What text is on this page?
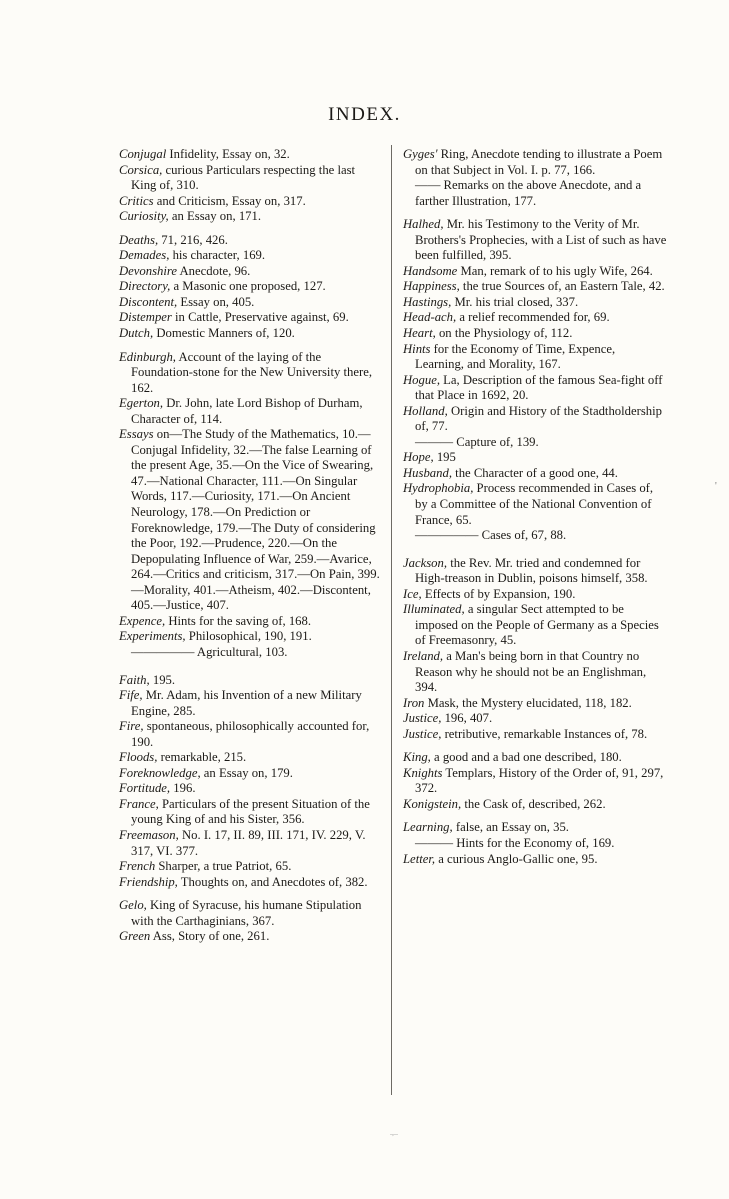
INDEX.
Conjugal Infidelity, Essay on, 32.
Corsica, curious Particulars respecting the last King of, 310.
Critics and Criticism, Essay on, 317.
Curiosity, an Essay on, 171.
Deaths, 71, 216, 426.
Demades, his character, 169.
Devonshire Anecdote, 96.
Directory, a Masonic one proposed, 127.
Discontent, Essay on, 405.
Distemper in Cattle, Preservative against, 69.
Dutch, Domestic Manners of, 120.
Edinburgh, Account of the laying of the Foundation-stone for the New University there, 162.
Egerton, Dr. John, late Lord Bishop of Durham, Character of, 114.
Essays on—The Study of the Mathematics, 10.—Conjugal Infidelity, 32.—The false Learning of the present Age, 35.—On the Vice of Swearing, 47.—National Character, 111.—On Singular Words, 117.—Curiosity, 171.—On Ancient Neurology, 178.—On Prediction or Foreknowledge, 179.—The Duty of considering the Poor, 192.—Prudence, 220.—On the Depopulating Influence of War, 259.—Avarice, 264.—Critics and criticism, 317.—On Pain, 399.—Morality, 401.—Atheism, 402.—Discontent, 405.—Justice, 407.
Expence, Hints for the saving of, 168.
Experiments, Philosophical, 190, 191.
————— Agricultural, 103.
Faith, 195.
Fife, Mr. Adam, his Invention of a new Military Engine, 285.
Fire, spontaneous, philosophically accounted for, 190.
Floods, remarkable, 215.
Foreknowledge, an Essay on, 179.
Fortitude, 196.
France, Particulars of the present Situation of the young King of and his Sister, 356.
Freemason, No. I. 17, II. 89, III. 171, IV. 229, V. 317, VI. 377.
French Sharper, a true Patriot, 65.
Friendship, Thoughts on, and Anecdotes of, 382.
Gelo, King of Syracuse, his humane Stipulation with the Carthaginians, 367.
Green Ass, Story of one, 261.
Gyges' Ring, Anecdote tending to illustrate a Poem on that Subject in Vol. I. p. 77, 166.
—— Remarks on the above Anecdote, and a farther Illustration, 177.
Halhed, Mr. his Testimony to the Verity of Mr. Brothers's Prophecies, with a List of such as have been fulfilled, 395.
Handsome Man, remark of to his ugly Wife, 264.
Happiness, the true Sources of, an Eastern Tale, 42.
Hastings, Mr. his trial closed, 337.
Head-ach, a relief recommended for, 69.
Heart, on the Physiology of, 112.
Hints for the Economy of Time, Expence, Learning, and Morality, 167.
Hogue, La, Description of the famous Sea-fight off that Place in 1692, 20.
Holland, Origin and History of the Stadtholdership of, 77.
——— Capture of, 139.
Hope, 195
Husband, the Character of a good one, 44.
Hydrophobia, Process recommended in Cases of, by a Committee of the National Convention of France, 65.
————— Cases of, 67, 88.
Jackson, the Rev. Mr. tried and condemned for High-treason in Dublin, poisons himself, 358.
Ice, Effects of by Expansion, 190.
Illuminated, a singular Sect attempted to be imposed on the People of Germany as a Species of Freemasonry, 45.
Ireland, a Man's being born in that Country no Reason why he should not be an Englishman, 394.
Iron Mask, the Mystery elucidated, 118, 182.
Justice, 196, 407.
Justice, retributive, remarkable Instances of, 78.
King, a good and a bad one described, 180.
Knights Templars, History of the Order of, 91, 297, 372.
Konigstein, the Cask of, described, 262.
Learning, false, an Essay on, 35.
——— Hints for the Economy of, 169.
Letter, a curious Anglo-Gallic one, 95.
'
.,..
